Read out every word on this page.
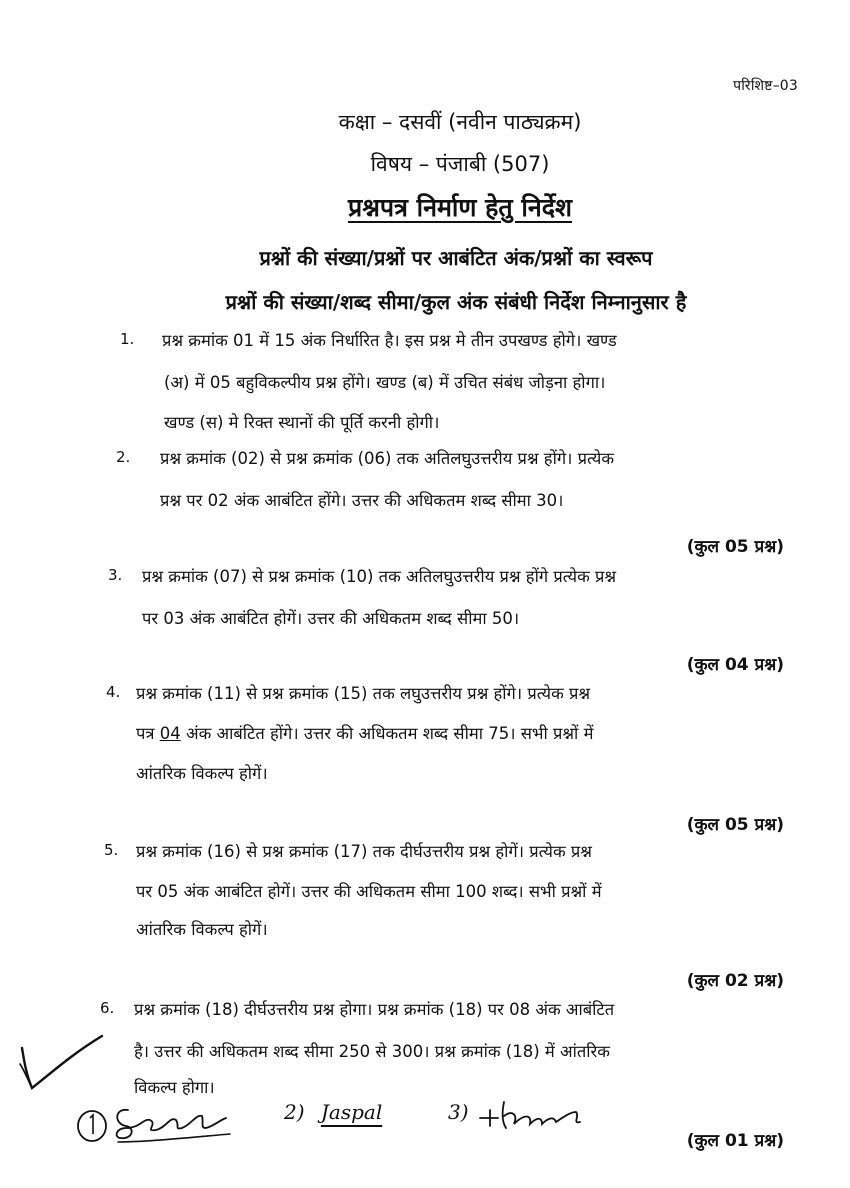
परिशिष्ट–03
कक्षा – दसवीं (नवीन पाठ्यक्रम)
विषय – पंजाबी (507)
प्रश्नपत्र निर्माण हेतु निर्देश
प्रश्नों की संख्या/प्रश्नों पर आबंटित अंक/प्रश्नों का स्वरूप
प्रश्नों की संख्या/शब्द सीमा/कुल अंक संबंधी निर्देश निम्नानुसार है
1. प्रश्न क्रमांक 01 में 15 अंक निर्धारित है। इस प्रश्न मे तीन उपखण्ड होगे। खण्ड
(अ) में 05 बहुविकल्पीय प्रश्न होंगे। खण्ड (ब) में उचित संबंध जोड़ना होगा।
खण्ड (स) मे रिक्त स्थानों की पूर्ति करनी होगी।
2. प्रश्न क्रमांक (02) से प्रश्न क्रमांक (06) तक अतिलघुउत्तरीय प्रश्न होंगे। प्रत्येक
प्रश्न पर 02 अंक आबंटित होंगे। उत्तर की अधिकतम शब्द सीमा 30।
(कुल 05 प्रश्न)
3. प्रश्न क्रमांक (07) से प्रश्न क्रमांक (10) तक अतिलघुउत्तरीय प्रश्न होंगे प्रत्येक प्रश्न
पर 03 अंक आबंटित होगें। उत्तर की अधिकतम शब्द सीमा 50।
(कुल 04 प्रश्न)
4. प्रश्न क्रमांक (11) से प्रश्न क्रमांक (15) तक लघुउत्तरीय प्रश्न होंगे। प्रत्येक प्रश्न
पत्र 04 अंक आबंटित होंगे। उत्तर की अधिकतम शब्द सीमा 75। सभी प्रश्नों में
आंतरिक विकल्प होगें।
(कुल 05 प्रश्न)
5. प्रश्न क्रमांक (16) से प्रश्न क्रमांक (17) तक दीर्घउत्तरीय प्रश्न होगें। प्रत्येक प्रश्न
पर 05 अंक आबंटित होगें। उत्तर की अधिकतम सीमा 100 शब्द। सभी प्रश्नों में
आंतरिक विकल्प होगें।
(कुल 02 प्रश्न)
6. प्रश्न क्रमांक (18) दीर्घउत्तरीय प्रश्न होगा। प्रश्न क्रमांक (18) पर 08 अंक आबंटित
है। उत्तर की अधिकतम शब्द सीमा 250 से 300। प्रश्न क्रमांक (18) में आंतरिक
विकल्प होगा।
(कुल 01 प्रश्न)
2) Jaspal	3)
